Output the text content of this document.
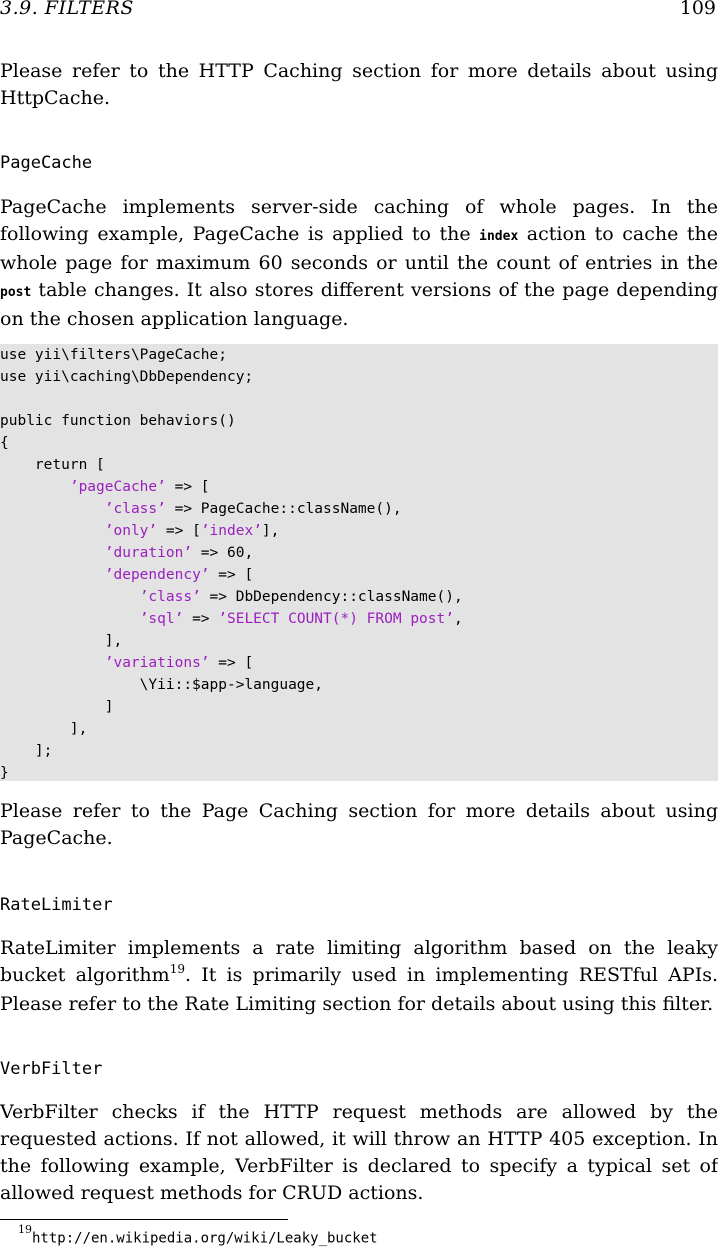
3.9. FILTERS	109

Please refer to the HTTP Caching section for more details about using HttpCache.

PageCache

PageCache implements server-side caching of whole pages. In the following example, PageCache is applied to the index action to cache the whole page for maximum 60 seconds or until the count of entries in the post table changes. It also stores different versions of the page depending on the chosen application language.

use yii\filters\PageCache;
use yii\caching\DbDependency;
public function behaviors()
{
return [
’pageCache’ => [
’class’ => PageCache::className(),
’only’ => [’index’],
’duration’ => 60,
’dependency’ => [
’class’ => DbDependency::className(),
’sql’ => ’SELECT COUNT(*) FROM post’,
],
’variations’ => [
\Yii::$app->language,
]
],
];
}

Please refer to the Page Caching section for more details about using PageCache.

RateLimiter

RateLimiter implements a rate limiting algorithm based on the leaky bucket algorithm$^{19}$. It is primarily used in implementing RESTful APIs. Please refer to the Rate Limiting section for details about using this filter.

VerbFilter

VerbFilter checks if the HTTP request methods are allowed by the requested actions. If not allowed, it will throw an HTTP 405 exception. In the following example, VerbFilter is declared to specify a typical set of allowed request methods for CRUD actions.

$^{19}$http://en.wikipedia.org/wiki/Leaky_bucket
